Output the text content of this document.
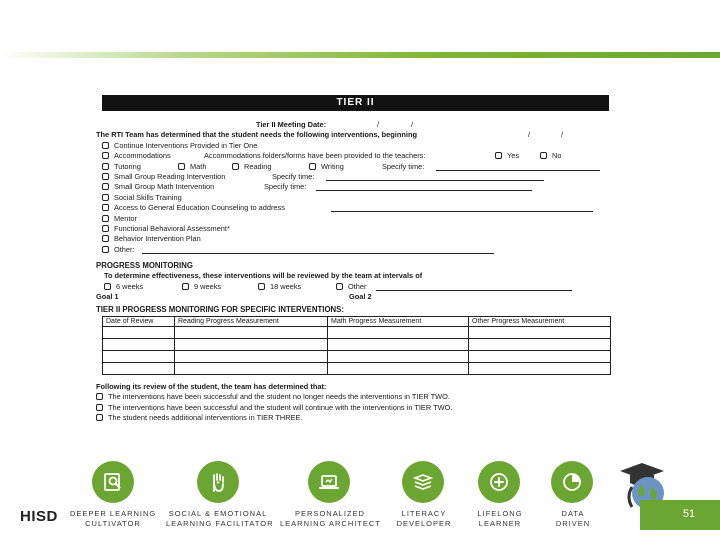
TIER II
Tier II Meeting Date:	/	/
The RTI Team has determined that the student needs the following interventions, beginning	/	/
Continue Interventions Provided in Tier One
Accommodations	Accommodations folders/forms have been provided to the teachers:	Yes	No
Tutoring	Math	Reading	Writing	Specify time:
Small Group Reading Intervention	Specify time:
Small Group Math Intervention	Specify time:
Social Skills Training
Access to General Education Counseling to address
Mentor
Functional Behavioral Assessment*
Behavior Intervention Plan
Other:
PROGRESS MONITORING
To determine effectiveness, these interventions will be reviewed by the team at intervals of
6 weeks	9 weeks	18 weeks	Other
Goal 1	Goal 2
TIER II PROGRESS MONITORING FOR SPECIFIC INTERVENTIONS:
Date of Review	Reading Progress Measurement	Math Progress Measurement	Other Progress Measurement

Following its review of the student, the team has determined that:
The interventions have been successful and the student no longer needs the interventions in TIER TWO.
The interventions have been successful and the student will continue with the interventions in TIER TWO.
The student needs additional interventions in TIER THREE.
HISD DEEPER LEARNING
CULTIVATOR
SOCIAL & EMOTIONAL
LEARNING FACILITATOR
PERSONALIZED
LEARNING ARCHITECT
LITERACY
DEVELOPER
LIFELONG
LEARNER
DATA
DRIVEN
51
